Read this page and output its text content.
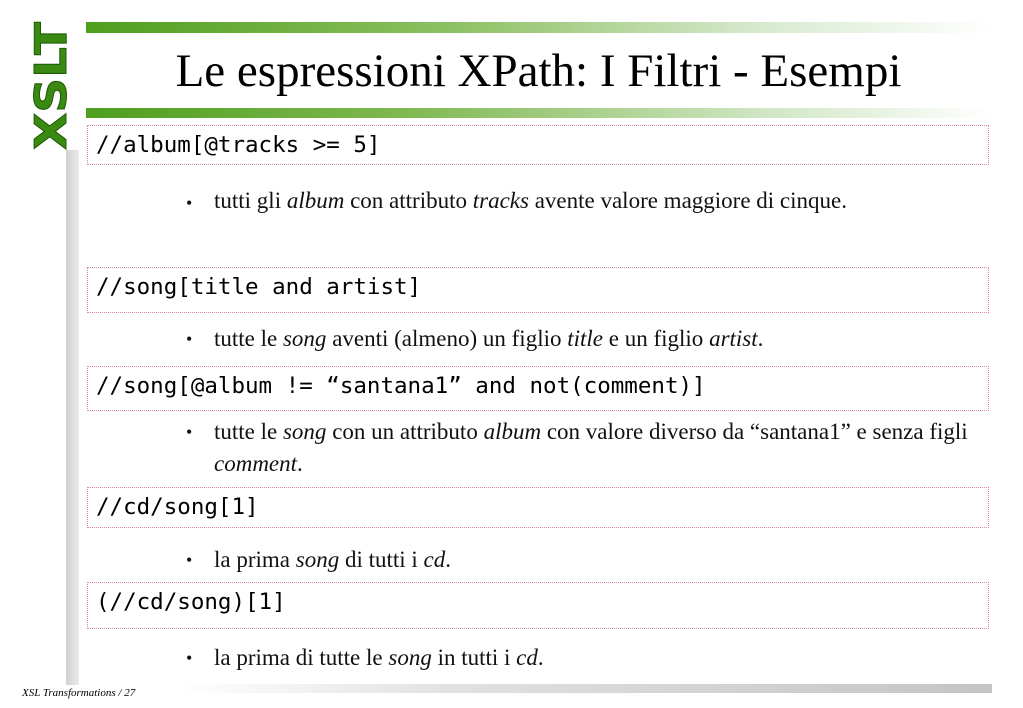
XSLT	Le espressioni XPath: I Filtri - Esempi
//album[@tracks >= 5]
• tutti gli album con attributo tracks avente valore maggiore di cinque.
//song[title and artist]
• tutte le song aventi (almeno) un figlio title e un figlio artist.
//song[@album != “santana1” and not(comment)]
• tutte le song con un attributo album con valore diverso da “santana1” e senza figli comment.
//cd/song[1]
• la prima song di tutti i cd.
(//cd/song)[1]
• la prima di tutte le song in tutti i cd.
XSL Transformations / 27
